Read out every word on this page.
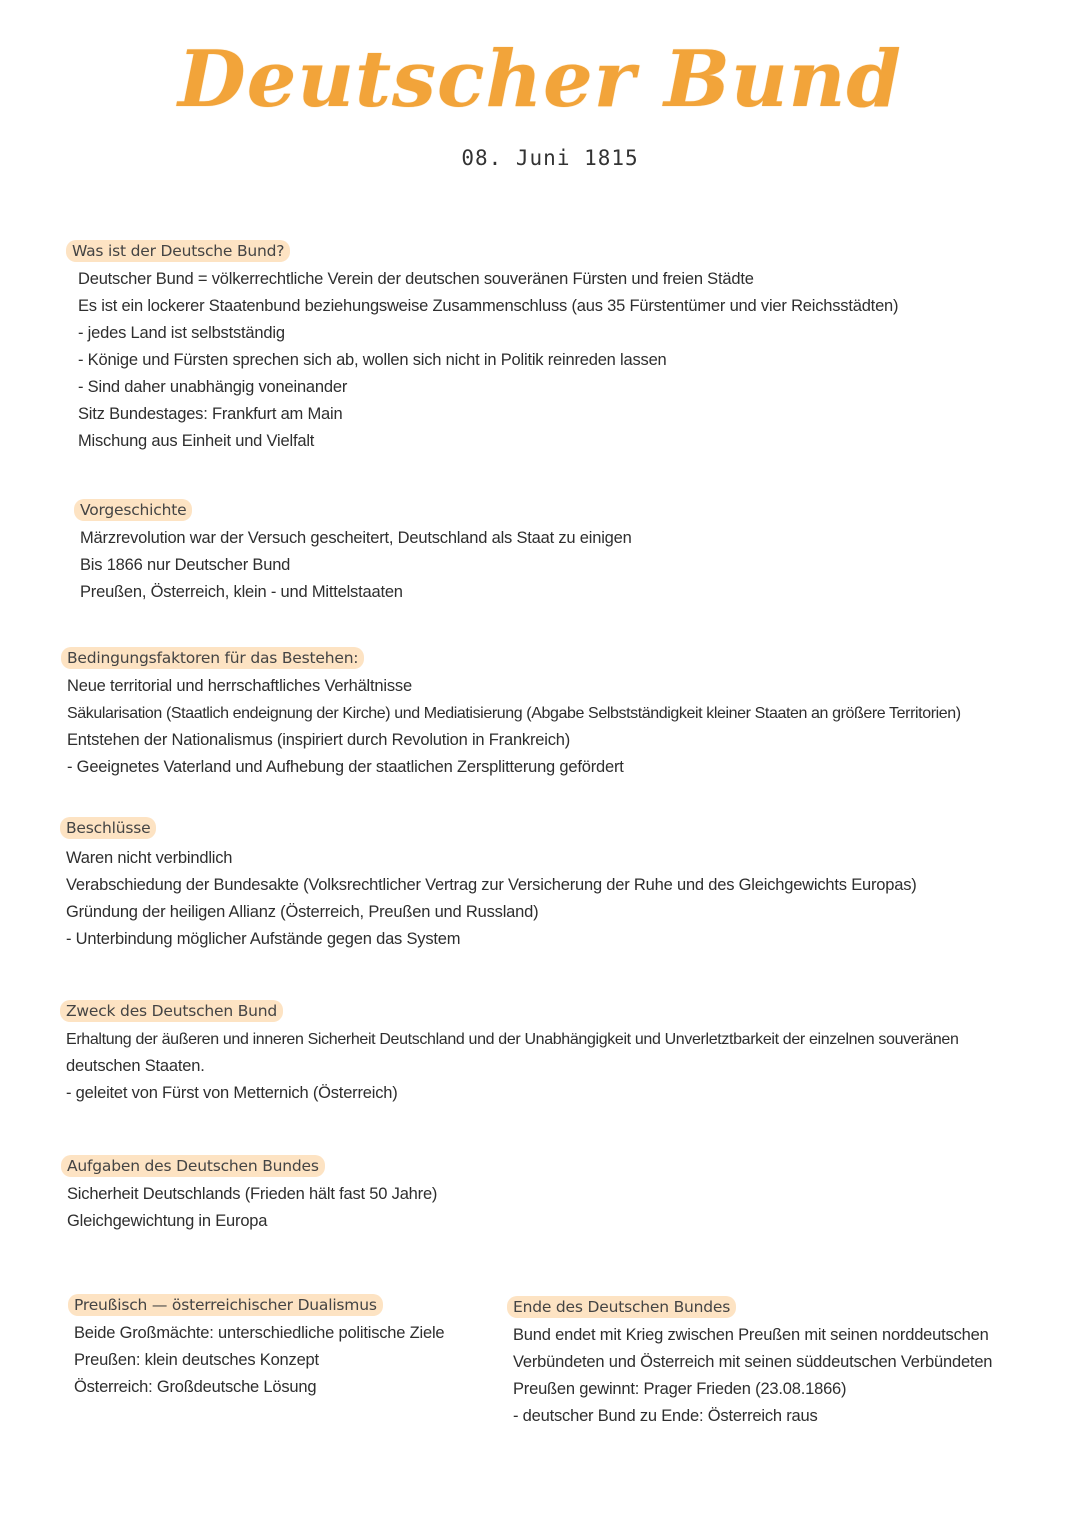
Deutscher Bund
08. Juni 1815
Was ist der Deutsche Bund?
Deutscher Bund = völkerrechtliche Verein der deutschen souveränen Fürsten und freien Städte
Es ist ein lockerer Staatenbund beziehungsweise Zusammenschluss (aus 35 Fürstentümer und vier Reichsstädten)
- jedes Land ist selbstständig
- Könige und Fürsten sprechen sich ab, wollen sich nicht in Politik reinreden lassen
- Sind daher unabhängig voneinander
Sitz Bundestages: Frankfurt am Main
Mischung aus Einheit und Vielfalt
Vorgeschichte
Märzrevolution war der Versuch gescheitert, Deutschland als Staat zu einigen
Bis 1866 nur Deutscher Bund
Preußen, Österreich, klein - und Mittelstaaten
Bedingungsfaktoren für das Bestehen:
Neue territorial und herrschaftliches Verhältnisse
Säkularisation (Staatlich endeignung der Kirche) und Mediatisierung (Abgabe Selbstständigkeit kleiner Staaten an größere Territorien)
Entstehen der Nationalismus (inspiriert durch Revolution in Frankreich)
- Geeignetes Vaterland und Aufhebung der staatlichen Zersplitterung gefördert
Beschlüsse
Waren nicht verbindlich
Verabschiedung der Bundesakte (Volksrechtlicher Vertrag zur Versicherung der Ruhe und des Gleichgewichts Europas)
Gründung der heiligen Allianz (Österreich, Preußen und Russland)
- Unterbindung möglicher Aufstände gegen das System
Zweck des Deutschen Bund
Erhaltung der äußeren und inneren Sicherheit Deutschland und der Unabhängigkeit und Unverletztbarkeit der einzelnen souveränen
deutschen Staaten.
- geleitet von Fürst von Metternich (Österreich)
Aufgaben des Deutschen Bundes
Sicherheit Deutschlands (Frieden hält fast 50 Jahre)
Gleichgewichtung in Europa
Preußisch — österreichischer Dualismus
Beide Großmächte: unterschiedliche politische Ziele
Preußen: klein deutsches Konzept
Österreich: Großdeutsche Lösung
Ende des Deutschen Bundes
Bund endet mit Krieg zwischen Preußen mit seinen norddeutschen
Verbündeten und Österreich mit seinen süddeutschen Verbündeten
Preußen gewinnt: Prager Frieden (23.08.1866)
- deutscher Bund zu Ende: Österreich raus
